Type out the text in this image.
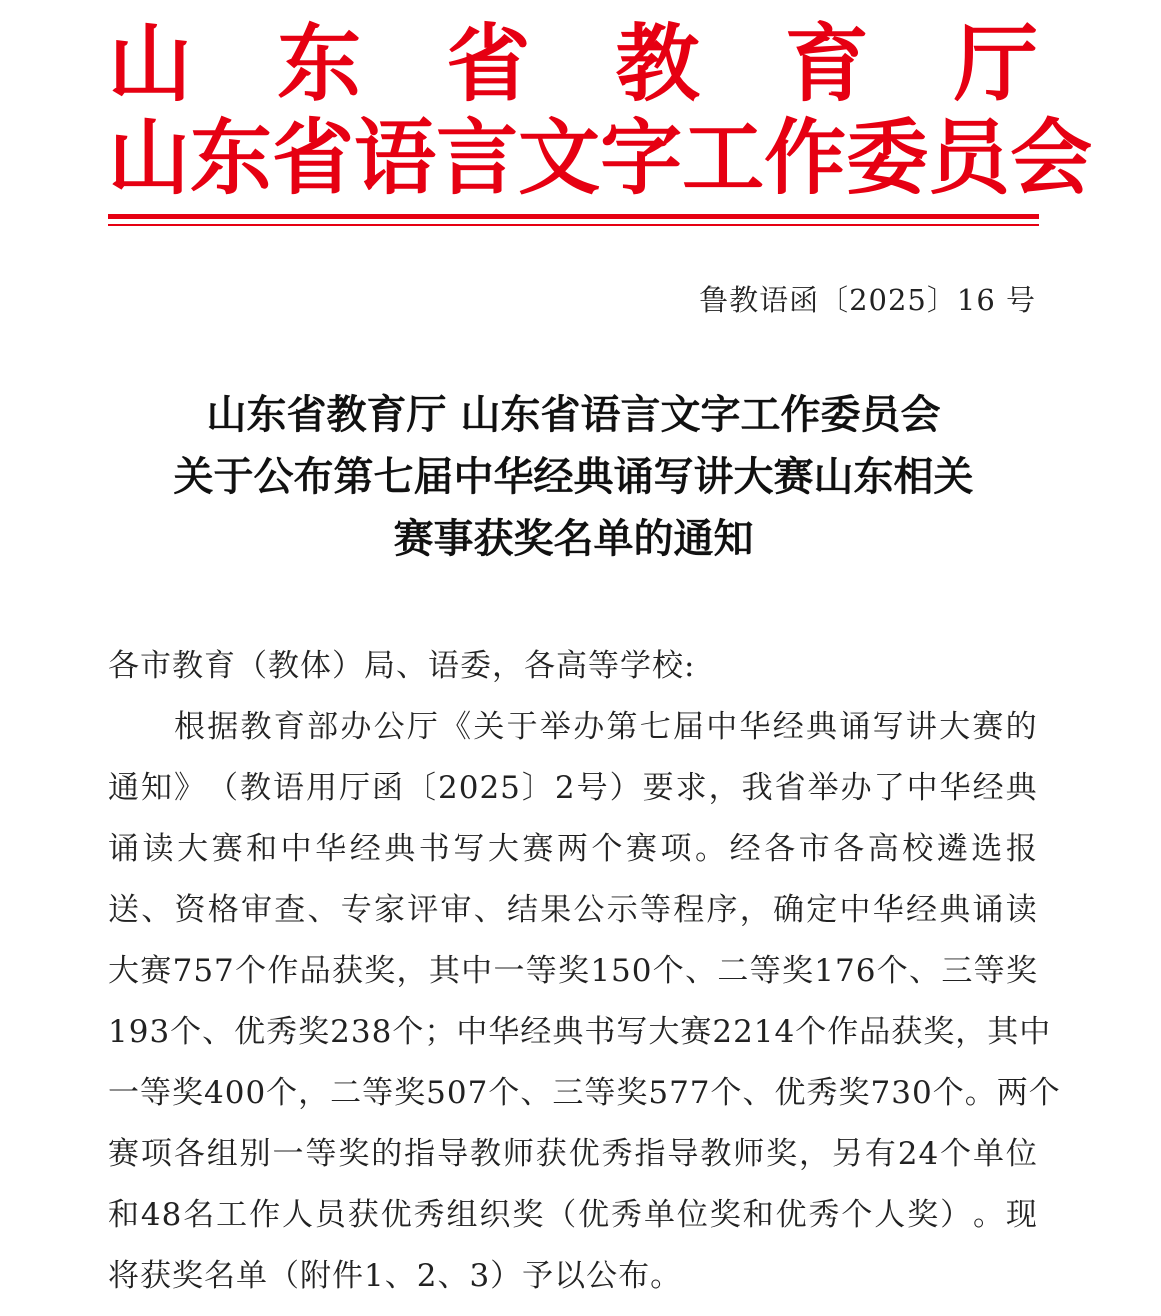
山 东 省 教 育 厅
山 东 省 语 言 文 字 工 作 委 员 会
鲁教语函〔2025〕16 号
山东省教育厅 山东省语言文字工作委员会
关于公布第七届中华经典诵写讲大赛山东相关
赛事获奖名单的通知
各市教育（教体）局、语委，各高等学校:
根 据 教 育 部 办 公 厅 《 关 于 举 办 第 七 届 中 华 经 典 诵 写 讲 大 赛 的
通 知 》 （ 教 语 用 厅 函 〔 2025 〕 2 号 ） 要 求 ， 我 省 举 办 了 中 华 经 典
诵 读 大 赛 和 中 华 经 典 书 写 大 赛 两 个 赛 项 。 经 各 市 各 高 校 遴 选 报
送 、 资 格 审 查 、 专 家 评 审 、 结 果 公 示 等 程 序 ， 确 定 中 华 经 典 诵 读
大 赛 757 个 作 品 获 奖 ， 其 中 一 等 奖 150 个 、 二 等 奖 176 个 、 三 等 奖
193 个 、 优 秀 奖 238 个 ； 中 华 经 典 书 写 大 赛 2214 个 作 品 获 奖 ， 其 中
一 等 奖 400 个 ， 二 等 奖 507 个 、 三 等 奖 577 个 、 优 秀 奖 730 个 。 两 个
赛 项 各 组 别 一 等 奖 的 指 导 教 师 获 优 秀 指 导 教 师 奖 ， 另 有 24 个 单 位
和 48 名 工 作 人 员 获 优 秀 组 织 奖 （ 优 秀 单 位 奖 和 优 秀 个 人 奖 ） 。 现
将获奖名单（附件1、2、3）予以公布。
